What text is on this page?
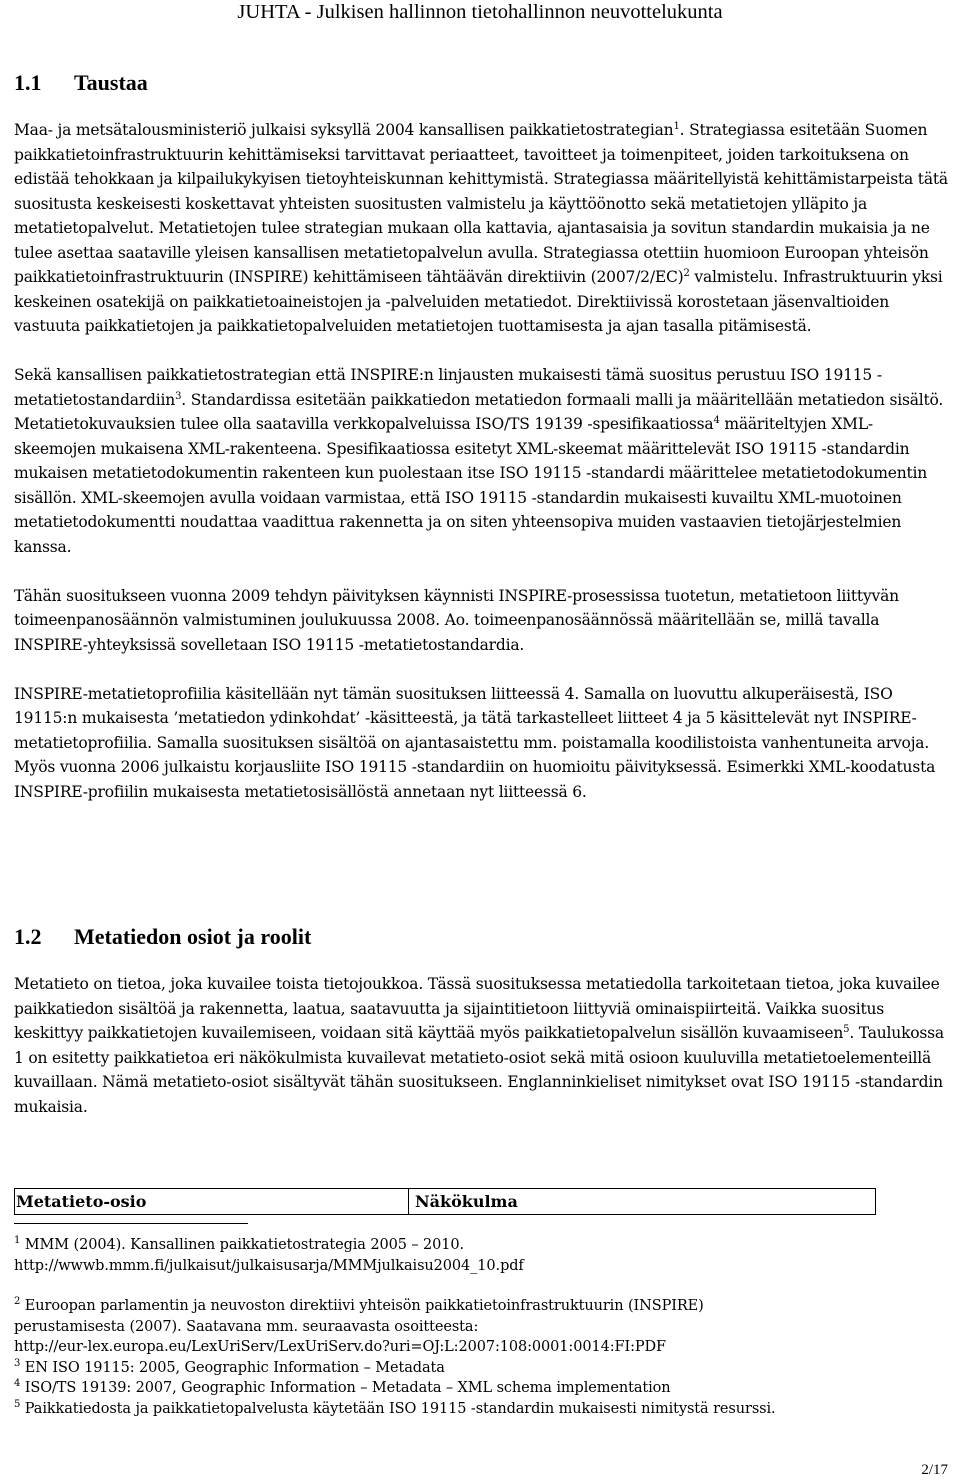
JUHTA - Julkisen hallinnon tietohallinnon neuvottelukunta
1.1 Taustaa

Maa- ja metsätalousministeriö julkaisi syksyllä 2004 kansallisen paikkatietostrategian$^1$. Strategiassa esitetään Suomen paikkatietoinfrastruktuurin kehittämiseksi tarvittavat periaatteet, tavoitteet ja toimenpiteet, joiden tarkoituksena on edistää tehokkaan ja kilpailukykyisen tietoyhteiskunnan kehittymistä. Strategiassa määritellyistä kehittämistarpeista tätä suositusta keskeisesti koskettavat yhteisten suositusten valmistelu ja käyttöönotto sekä metatietojen ylläpito ja metatietopalvelut. Metatietojen tulee strategian mukaan olla kattavia, ajantasaisia ja sovitun standardin mukaisia ja ne tulee asettaa saataville yleisen kansallisen metatietopalvelun avulla. Strategiassa otettiin huomioon Euroopan yhteisön paikkatietoinfrastruktuurin (INSPIRE) kehittämiseen tähtäävän direktiivin $(2007/2/EC)^2$ valmistelu. Infrastruktuurin yksi keskeinen osatekijä on paikkatietoaineistojen ja -palveluiden metatiedot. Direktiivissä korostetaan jäsenvaltioiden vastuuta paikkatietojen ja paikkatietopalveluiden metatietojen tuottamisesta ja ajan tasalla pitämisestä.

Sekä kansallisen paikkatietostrategian että INSPIRE:n linjausten mukaisesti tämä suositus perustuu ISO 19115 -metatietostandardiin$^3$. Standardissa esitetään paikkatiedon metatiedon formaali malli ja määritellään metatiedon sisältö. Metatietokuvauksien tulee olla saatavilla verkkopalveluissa ISO/TS 19139 -spesifikaatiossa$^4$ määriteltyjen XML-skeemojen mukaisena XML-rakenteena. Spesifikaatiossa esitetyt XML-skeemat määrittelevät ISO 19115 -standardin mukaisen metatietodokumentin rakenteen kun puolestaan itse ISO 19115 -standardi määrittelee metatietodokumentin sisällön. XML-skeemojen avulla voidaan varmistaa, että ISO 19115 -standardin mukaisesti kuvailtu XML-muotoinen metatietodokumentti noudattaa vaadittua rakennetta ja on siten yhteensopiva muiden vastaavien tietojärjestelmien kanssa.

Tähän suositukseen vuonna 2009 tehdyn päivityksen käynnisti INSPIRE-prosessissa tuotetun, metatietoon liittyvän toimeenpanosäännön valmistuminen joulukuussa 2008. Ao. toimeenpanosäännössä määritellään se, millä tavalla INSPIRE-yhteyksissä sovelletaan ISO 19115 -metatietostandardia.

INSPIRE-metatietoprofiilia käsitellään nyt tämän suosituksen liitteessä 4. Samalla on luovuttu alkuperäisestä, ISO 19115:n mukaisesta ’metatiedon ydinkohdat’ -käsitteestä, ja tätä tarkastelleet liitteet 4 ja 5 käsittelevät nyt INSPIRE-metatietoprofiilia. Samalla suosituksen sisältöä on ajantasaistettu mm. poistamalla koodilistoista vanhentuneita arvoja. Myös vuonna 2006 julkaistu korjausliite ISO 19115 -standardiin on huomioitu päivityksessä. Esimerkki XML-koodatusta INSPIRE-profiilin mukaisesta metatietosisällöstä annetaan nyt liitteessä 6.

1.2 Metatiedon osiot ja roolit

Metatieto on tietoa, joka kuvailee toista tietojoukkoa. Tässä suosituksessa metatiedolla tarkoitetaan tietoa, joka kuvailee paikkatiedon sisältöä ja rakennetta, laatua, saatavuutta ja sijaintitietoon liittyviä ominaispiirteitä. Vaikka suositus keskittyy paikkatietojen kuvailemiseen, voidaan sitä käyttää myös paikkatietopalvelun sisällön kuvaamiseen$^5$. Taulukossa 1 on esitetty paikkatietoa eri näkökulmista kuvailevat metatieto-osiot sekä mitä osioon kuuluvilla metatietoelementeillä kuvaillaan. Nämä metatieto-osiot sisältyvät tähän suositukseen. Englanninkieliset nimitykset ovat ISO 19115 -standardin mukaisia.

Metatieto-osio	Näkökulma

$^1$ MMM (2004). Kansallinen paikkatietostrategia 2005 – 2010.
http://wwwb.mmm.fi/julkaisut/julkaisusarja/MMMjulkaisu2004_10.pdf

$^2$ Euroopan parlamentin ja neuvoston direktiivi yhteisön paikkatietoinfrastruktuurin (INSPIRE)
perustamisesta (2007). Saatavana mm. seuraavasta osoitteesta:
http://eur-lex.europa.eu/LexUriServ/LexUriServ.do?uri=OJ:L:2007:108:0001:0014:FI:PDF

$^3$ EN ISO 19115: 2005, Geographic Information – Metadata

$^4$ ISO/TS 19139: 2007, Geographic Information – Metadata – XML schema implementation

$^5$ Paikkatiedosta ja paikkatietopalvelusta käytetään ISO 19115 -standardin mukaisesti nimitystä resurssi.

2/17
